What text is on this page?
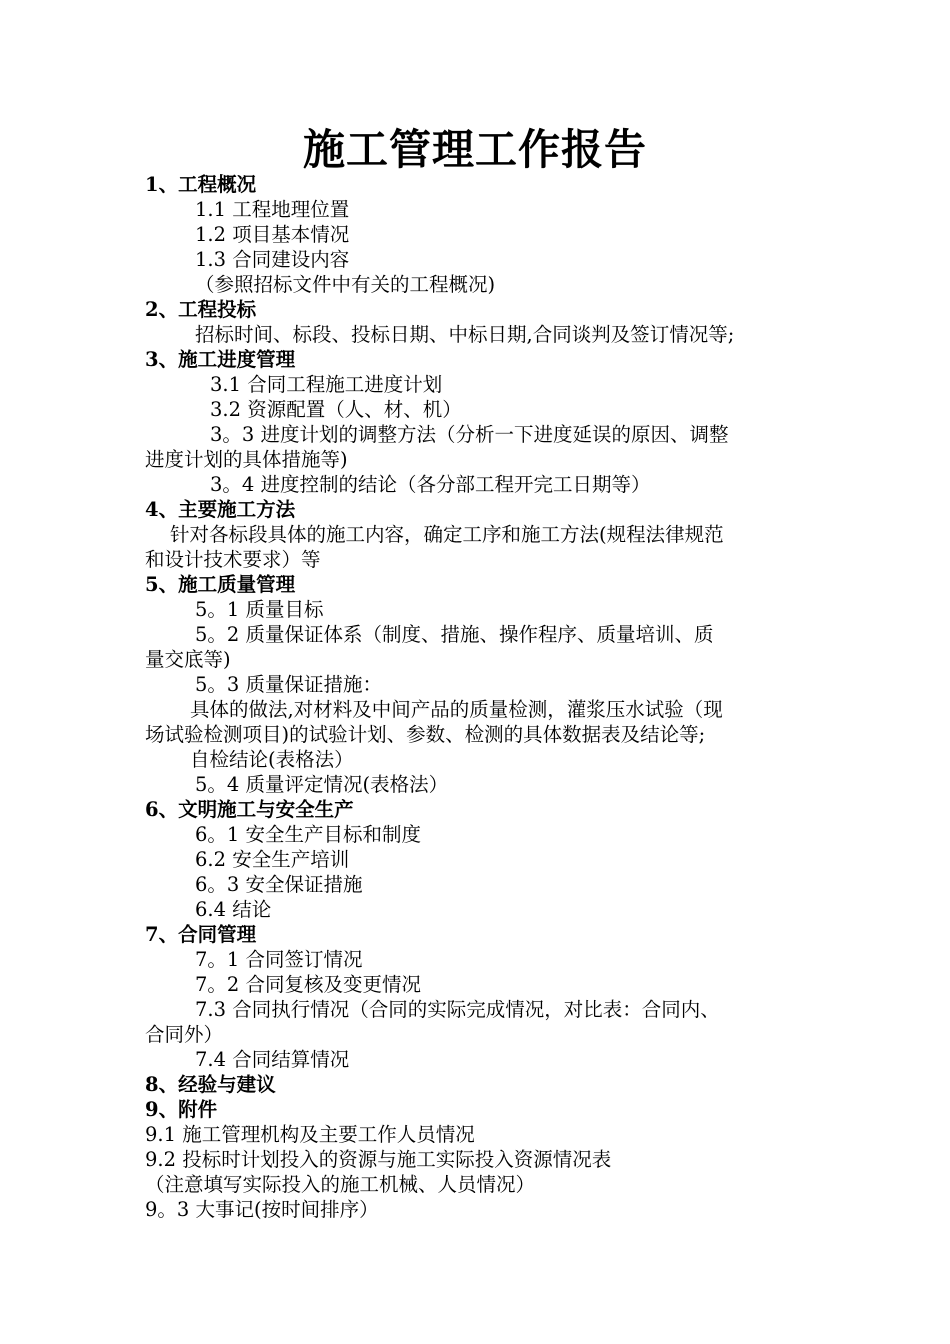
施工管理工作报告
1、工程概况
1.1 工程地理位置
1.2 项目基本情况
1.3 合同建设内容
（参照招标文件中有关的工程概况)
2、工程投标
招标时间、标段、投标日期、中标日期,合同谈判及签订情况等;
3、施工进度管理
3.1 合同工程施工进度计划
3.2 资源配置（人、材、机）
3。3 进度计划的调整方法（分析一下进度延误的原因、调整
进度计划的具体措施等)
3。4 进度控制的结论（各分部工程开完工日期等）
4、主要施工方法
针对各标段具体的施工内容，确定工序和施工方法(规程法律规范
和设计技术要求）等
5、施工质量管理
5。1 质量目标
5。2 质量保证体系（制度、措施、操作程序、质量培训、质
量交底等)
5。3 质量保证措施：
具体的做法,对材料及中间产品的质量检测，灌浆压水试验（现
场试验检测项目)的试验计划、参数、检测的具体数据表及结论等;
自检结论(表格法）
5。4 质量评定情况(表格法）
6、文明施工与安全生产
6。1 安全生产目标和制度
6.2 安全生产培训
6。3 安全保证措施
6.4 结论
7、合同管理
7。1 合同签订情况
7。2 合同复核及变更情况
7.3 合同执行情况（合同的实际完成情况，对比表：合同内、
合同外）
7.4 合同结算情况
8、经验与建议
9、附件
9.1 施工管理机构及主要工作人员情况
9.2 投标时计划投入的资源与施工实际投入资源情况表
（注意填写实际投入的施工机械、人员情况）
9。3 大事记(按时间排序）
